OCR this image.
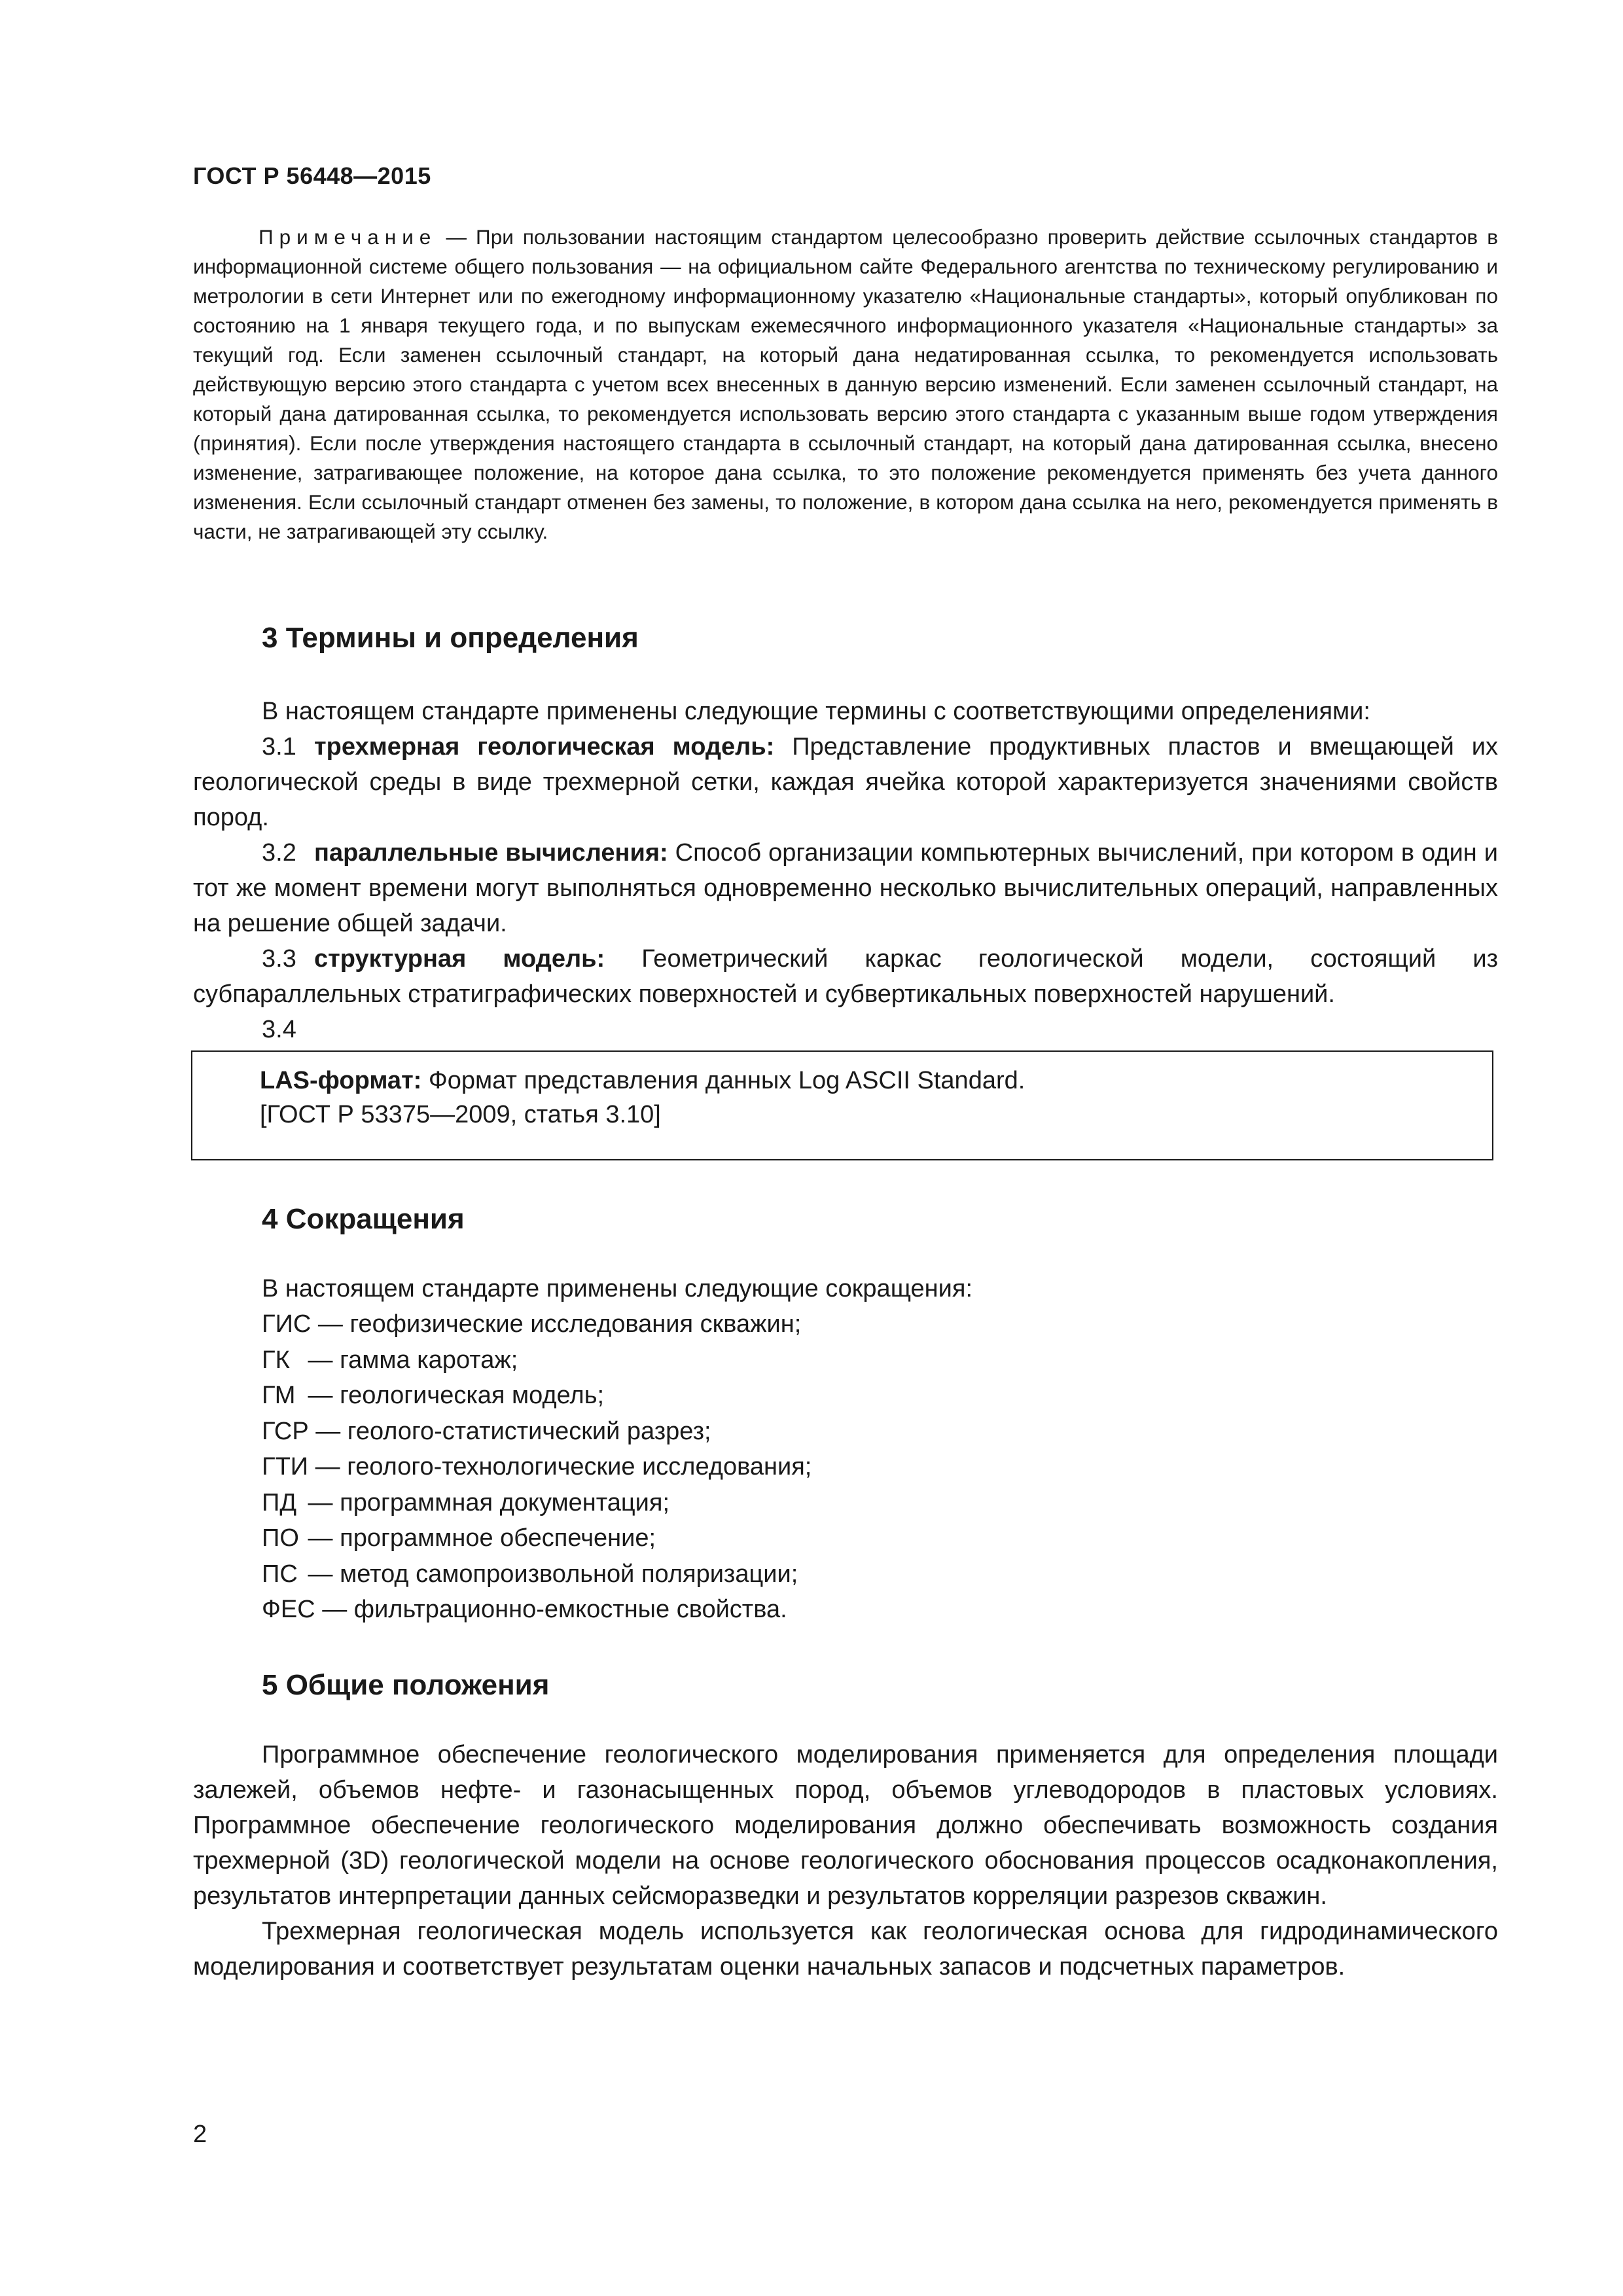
ГОСТ Р 56448—2015

Примечание — При пользовании настоящим стандартом целесообразно проверить действие ссылочных стандартов в информационной системе общего пользования — на официальном сайте Федерального агентства по техническому регулированию и метрологии в сети Интернет или по ежегодному информационному указателю «Национальные стандарты», который опубликован по состоянию на 1 января текущего года, и по выпускам ежемесячного информационного указателя «Национальные стандарты» за текущий год. Если заменен ссылочный стандарт, на который дана недатированная ссылка, то рекомендуется использовать действующую версию этого стандарта с учетом всех внесенных в данную версию изменений. Если заменен ссылочный стандарт, на который дана датированная ссылка, то рекомендуется использовать версию этого стандарта с указанным выше годом утверждения (принятия). Если после утверждения настоящего стандарта в ссылочный стандарт, на который дана датированная ссылка, внесено изменение, затрагивающее положение, на которое дана ссылка, то это положение рекомендуется применять без учета данного изменения. Если ссылочный стандарт отменен без замены, то положение, в котором дана ссылка на него, рекомендуется применять в части, не затрагивающей эту ссылку.

3 Термины и определения

В настоящем стандарте применены следующие термины с соответствующими определениями:

3.1 трехмерная геологическая модель: Представление продуктивных пластов и вмещающей их геологической среды в виде трехмерной сетки, каждая ячейка которой характеризуется значениями свойств пород.

3.2 параллельные вычисления: Способ организации компьютерных вычислений, при котором в один и тот же момент времени могут выполняться одновременно несколько вычислительных операций, направленных на решение общей задачи.

3.3 структурная модель: Геометрический каркас геологической модели, состоящий из субпараллельных стратиграфических поверхностей и субвертикальных поверхностей нарушений.

3.4

LAS-формат: Формат представления данных Log ASCII Standard.
[ГОСТ Р 53375—2009, статья 3.10]
4 Сокращения

В настоящем стандарте применены следующие сокращения:

ГИС — геофизические исследования скважин;
ГК — гамма каротаж;
ГМ — геологическая модель;
ГСР — геолого-статистический разрез;
ГТИ — геолого-технологические исследования;
ПД — программная документация;
ПО — программное обеспечение;
ПС — метод самопроизвольной поляризации;
ФЕС — фильтрационно-емкостные свойства.
5 Общие положения

Программное обеспечение геологического моделирования применяется для определения площади залежей, объемов нефте- и газонасыщенных пород, объемов углеводородов в пластовых условиях. Программное обеспечение геологического моделирования должно обеспечивать возможность создания трехмерной (3D) геологической модели на основе геологического обоснования процессов осадконакопления, результатов интерпретации данных сейсморазведки и результатов корреляции разрезов скважин.

Трехмерная геологическая модель используется как геологическая основа для гидродинамического моделирования и соответствует результатам оценки начальных запасов и подсчетных параметров.

2
